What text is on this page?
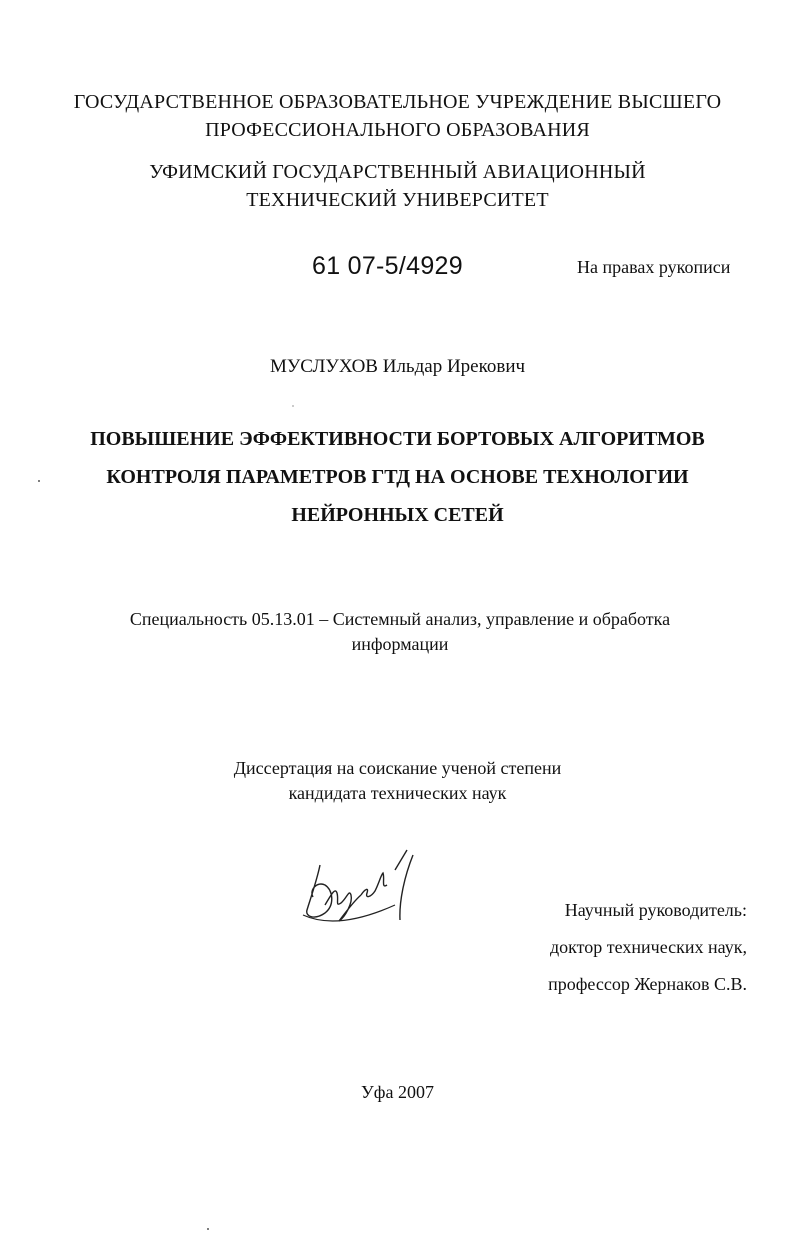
ГОСУДАРСТВЕННОЕ ОБРАЗОВАТЕЛЬНОЕ УЧРЕЖДЕНИЕ ВЫСШЕГО
ПРОФЕССИОНАЛЬНОГО ОБРАЗОВАНИЯ
УФИМСКИЙ ГОСУДАРСТВЕННЫЙ АВИАЦИОННЫЙ
ТЕХНИЧЕСКИЙ УНИВЕРСИТЕТ
61 07-5/4929	На правах рукописи
МУСЛУХОВ Ильдар Ирекович
ПОВЫШЕНИЕ ЭФФЕКТИВНОСТИ БОРТОВЫХ АЛГОРИТМОВ
КОНТРОЛЯ ПАРАМЕТРОВ ГТД НА ОСНОВЕ ТЕХНОЛОГИИ
НЕЙРОННЫХ СЕТЕЙ
Специальность 05.13.01 – Системный анализ, управление и обработка
информации
Диссертация на соискание ученой степени
кандидата технических наук
Научный руководитель:
доктор технических наук,
профессор Жернаков С.В.
Уфа 2007
